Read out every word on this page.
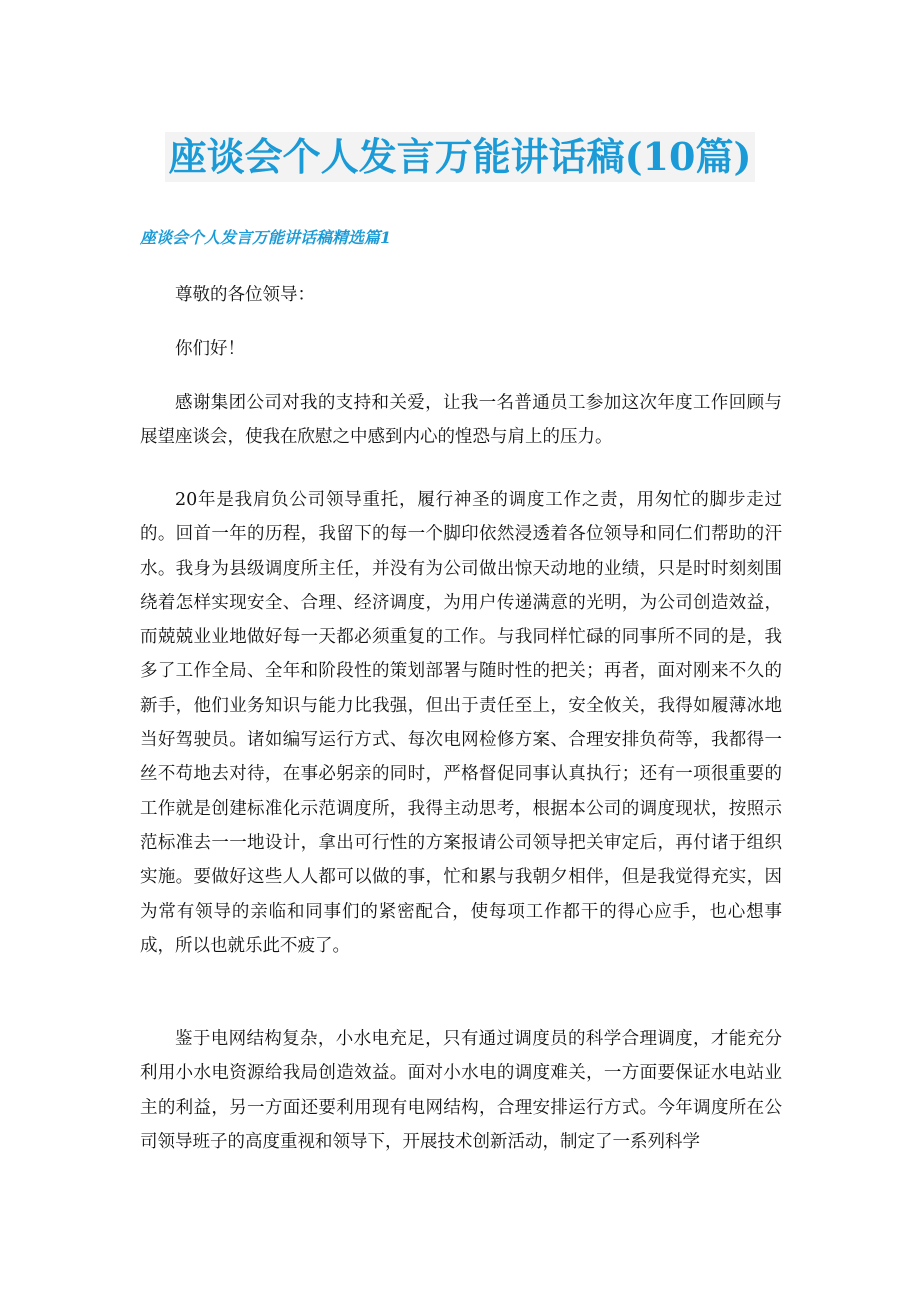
座谈会个人发言万能讲话稿(10篇)
座谈会个人发言万能讲话稿精选篇1

尊敬的各位领导：

你们好！

感谢集团公司对我的支持和关爱，让我一名普通员工参加这次年度工作回顾与展望座谈会，使我在欣慰之中感到内心的惶恐与肩上的压力。

20年是我肩负公司领导重托，履行神圣的调度工作之责，用匆忙的脚步走过的。回首一年的历程，我留下的每一个脚印依然浸透着各位领导和同仁们帮助的汗水。我身为县级调度所主任，并没有为公司做出惊天动地的业绩，只是时时刻刻围绕着怎样实现安全、合理、经济调度，为用户传递满意的光明，为公司创造效益，而兢兢业业地做好每一天都必须重复的工作。与我同样忙碌的同事所不同的是，我多了工作全局、全年和阶段性的策划部署与随时性的把关；再者，面对刚来不久的新手，他们业务知识与能力比我强，但出于责任至上，安全攸关，我得如履薄冰地当好驾驶员。诸如编写运行方式、每次电网检修方案、合理安排负荷等，我都得一丝不苟地去对待，在事必躬亲的同时，严格督促同事认真执行；还有一项很重要的工作就是创建标准化示范调度所，我得主动思考，根据本公司的调度现状，按照示范标准去一一地设计，拿出可行性的方案报请公司领导把关审定后，再付诸于组织实施。要做好这些人人都可以做的事，忙和累与我朝夕相伴，但是我觉得充实，因为常有领导的亲临和同事们的紧密配合，使每项工作都干的得心应手，也心想事成，所以也就乐此不疲了。

鉴于电网结构复杂，小水电充足，只有通过调度员的科学合理调度，才能充分利用小水电资源给我局创造效益。面对小水电的调度难关，一方面要保证水电站业主的利益，另一方面还要利用现有电网结构，合理安排运行方式。今年调度所在公司领导班子的高度重视和领导下，开展技术创新活动，制定了一系列科学
